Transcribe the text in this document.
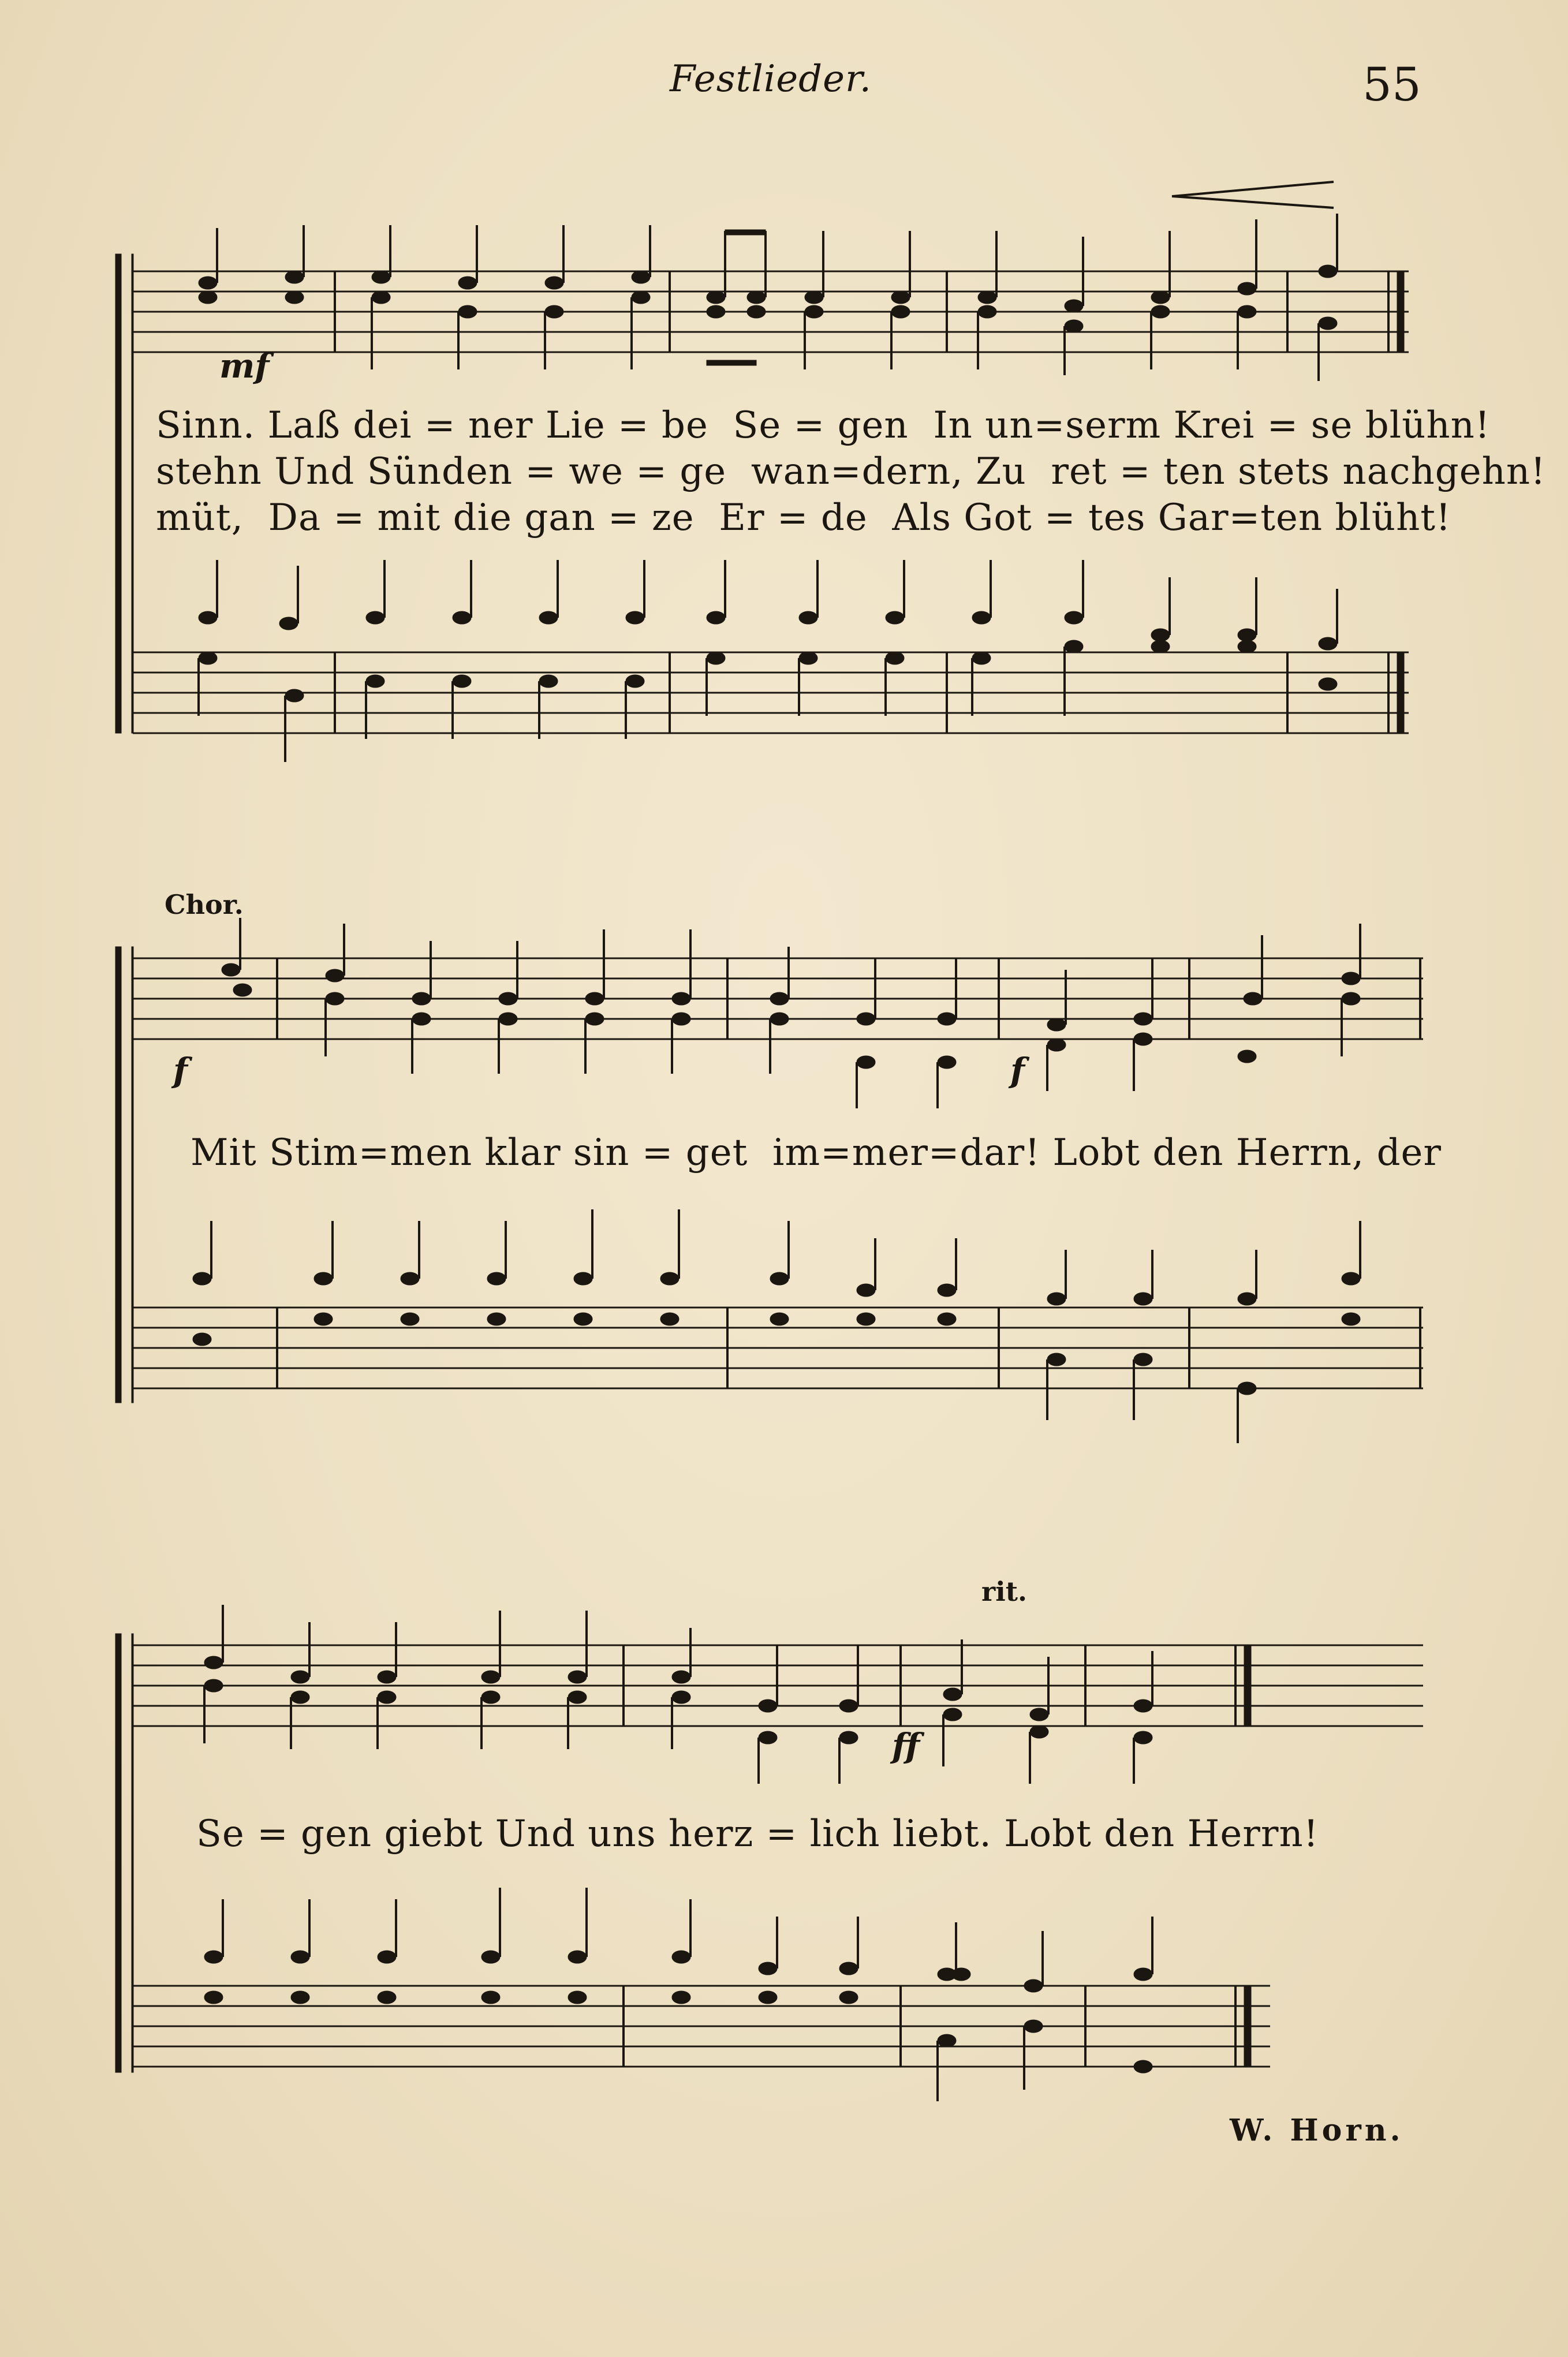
Festlieder.	55
mf
Sinn. Laß dei = ner Lie = be  Se = gen  In un=serm Krei = se blühn!
stehn Und Sünden = we = ge  wan=dern, Zu  ret = ten stets nachgehn!
müt,  Da = mit die gan = ze  Er = de  Als Got = tes Gar=ten blüht!
Chor.
f	f
Mit Stim=men klar sin = get  im=mer=dar! Lobt den Herrn, der
rit.
ff
Se = gen giebt Und uns herz = lich liebt. Lobt den Herrn!
W. Horn.
